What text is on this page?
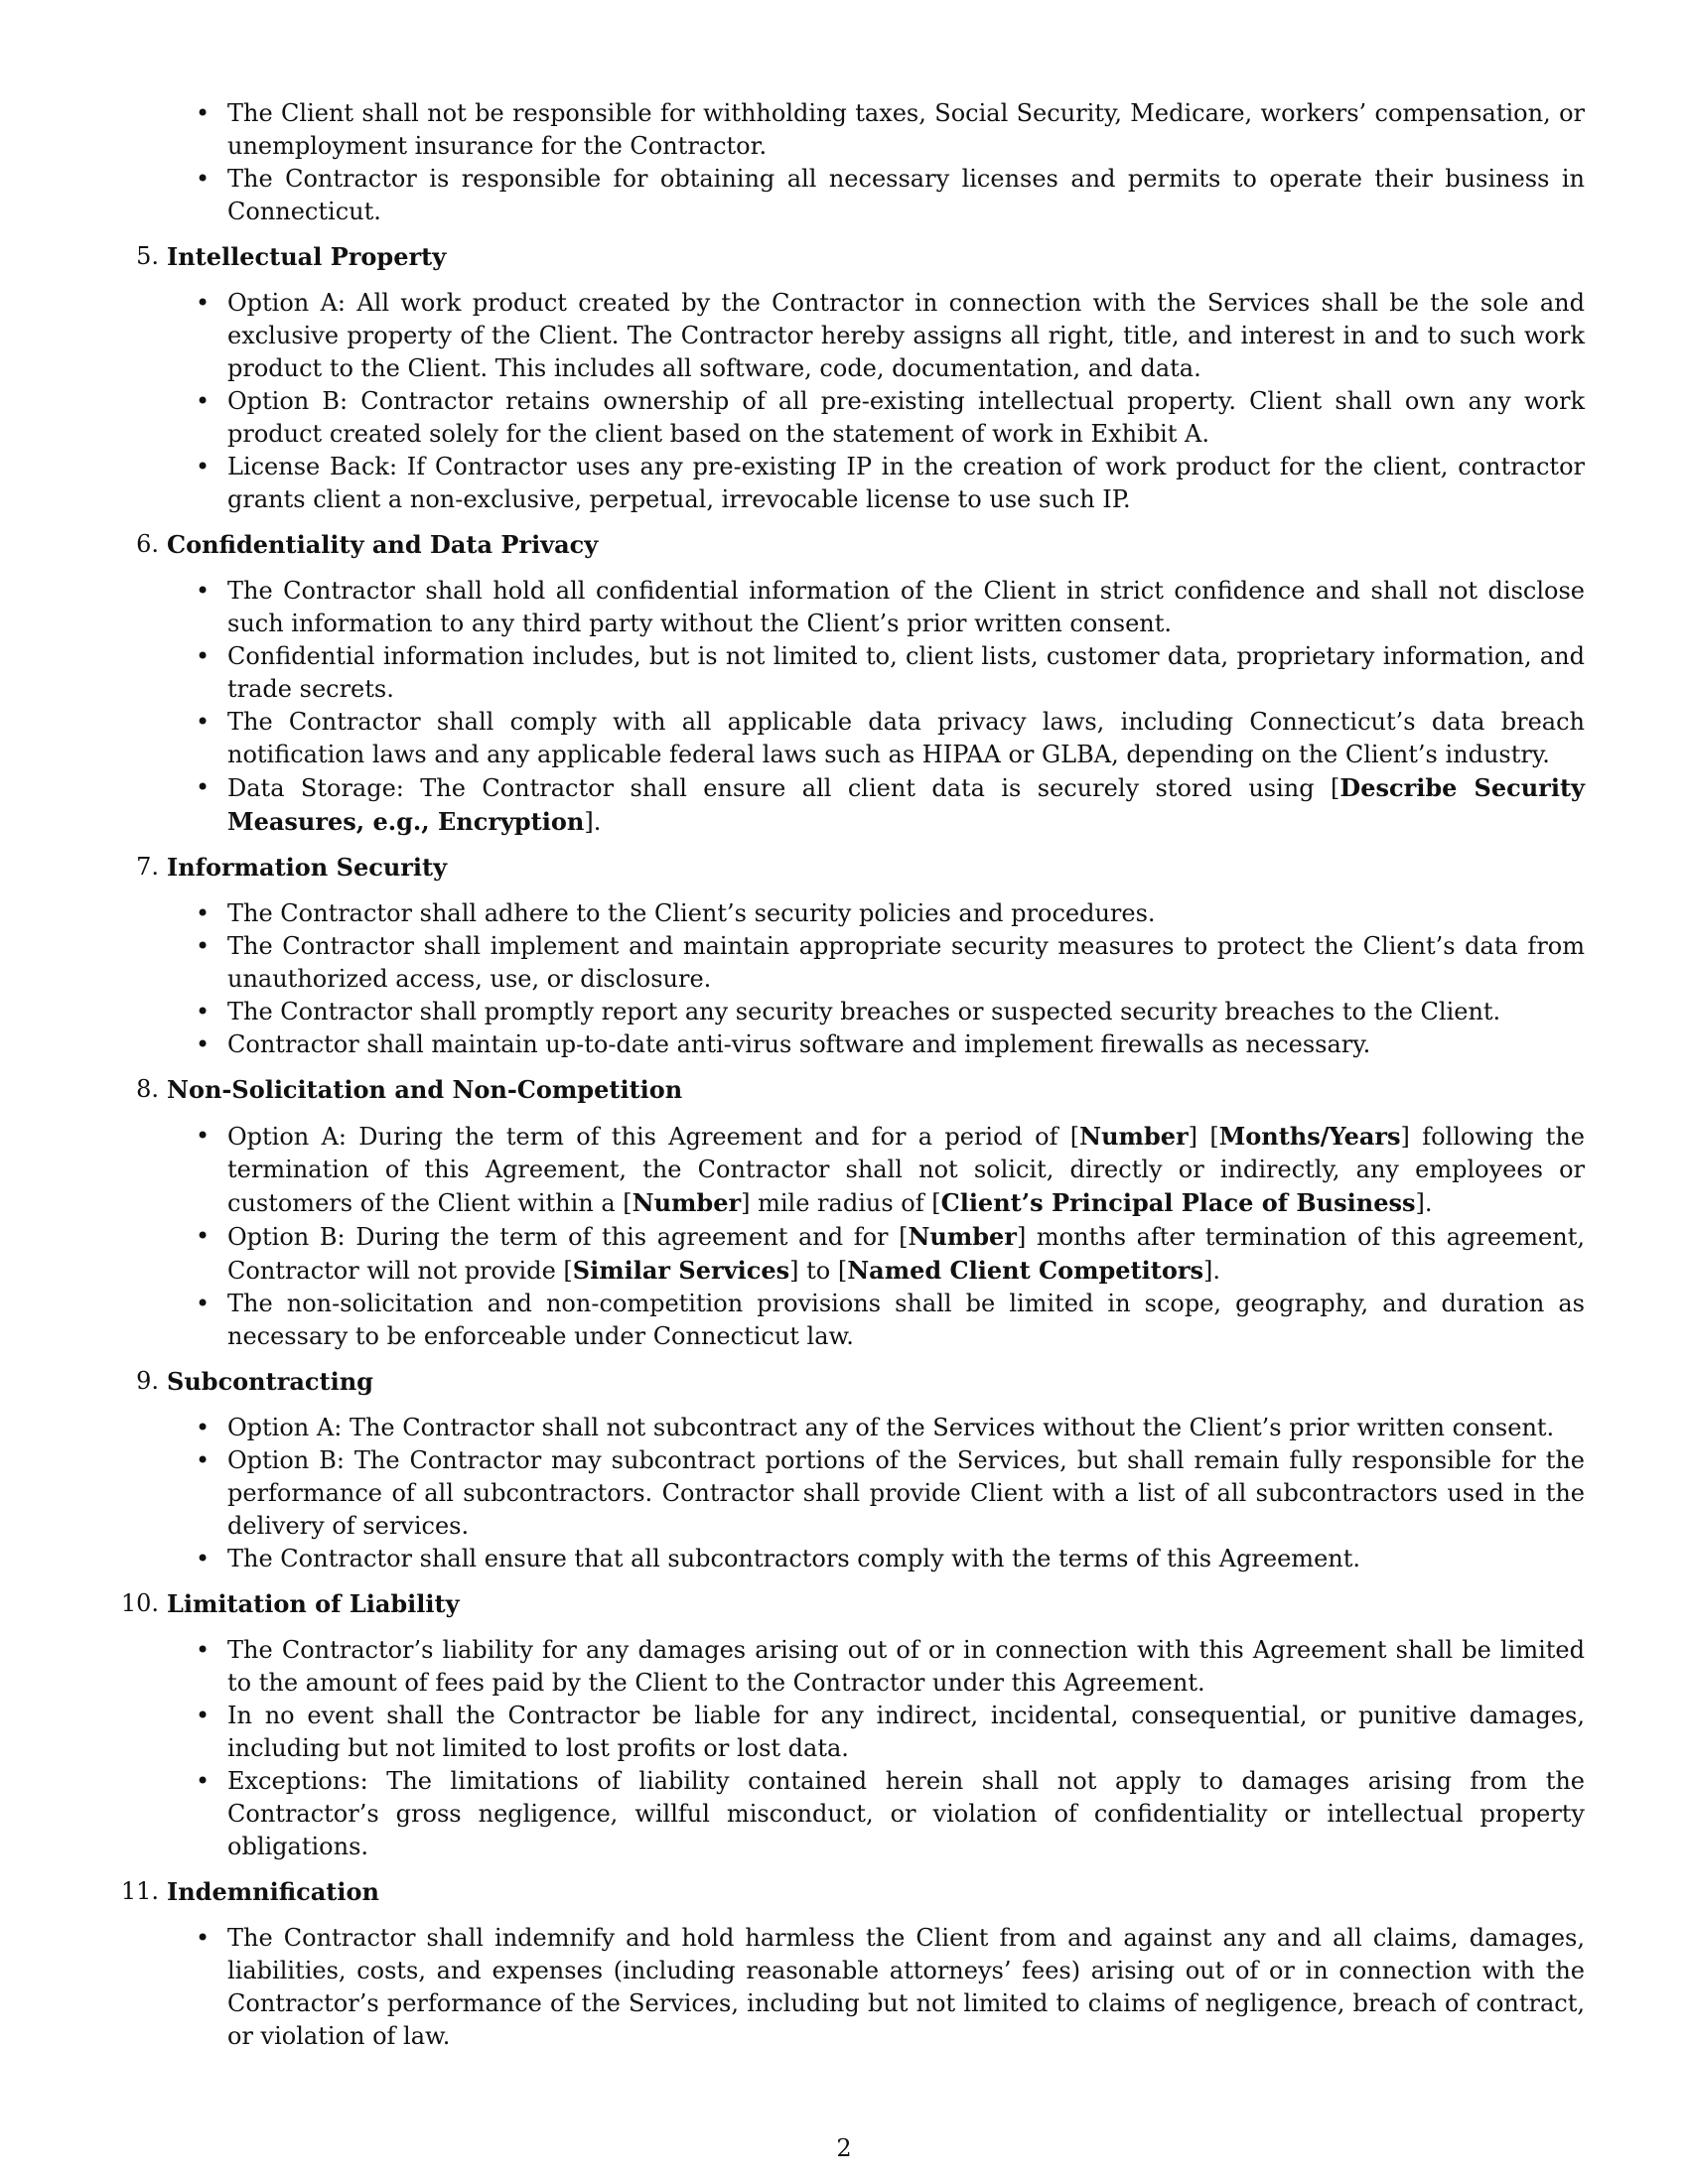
• The Client shall not be responsible for withholding taxes, Social Security, Medicare, workers’ compensation, or unemployment insurance for the Contractor.
• The Contractor is responsible for obtaining all necessary licenses and permits to operate their business in Connecticut.
5. Intellectual Property
• Option A: All work product created by the Contractor in connection with the Services shall be the sole and exclusive property of the Client. The Contractor hereby assigns all right, title, and interest in and to such work product to the Client. This includes all software, code, documentation, and data.
• Option B: Contractor retains ownership of all pre-existing intellectual property. Client shall own any work product created solely for the client based on the statement of work in Exhibit A.
• License Back: If Contractor uses any pre-existing IP in the creation of work product for the client, contractor grants client a non-exclusive, perpetual, irrevocable license to use such IP.
6. Confidentiality and Data Privacy
• The Contractor shall hold all confidential information of the Client in strict confidence and shall not disclose such information to any third party without the Client’s prior written consent.
• Confidential information includes, but is not limited to, client lists, customer data, proprietary information, and trade secrets.
• The Contractor shall comply with all applicable data privacy laws, including Connecticut’s data breach notification laws and any applicable federal laws such as HIPAA or GLBA, depending on the Client’s industry.
• Data Storage: The Contractor shall ensure all client data is securely stored using [Describe Security Measures, e.g., Encryption].
7. Information Security
• The Contractor shall adhere to the Client’s security policies and procedures.
• The Contractor shall implement and maintain appropriate security measures to protect the Client’s data from unauthorized access, use, or disclosure.
• The Contractor shall promptly report any security breaches or suspected security breaches to the Client.
• Contractor shall maintain up-to-date anti-virus software and implement firewalls as necessary.
8. Non-Solicitation and Non-Competition
• Option A: During the term of this Agreement and for a period of [Number] [Months/Years] following the termination of this Agreement, the Contractor shall not solicit, directly or indirectly, any employees or customers of the Client within a [Number] mile radius of [Client’s Principal Place of Business].
• Option B: During the term of this agreement and for [Number] months after termination of this agreement, Contractor will not provide [Similar Services] to [Named Client Competitors].
• The non-solicitation and non-competition provisions shall be limited in scope, geography, and duration as necessary to be enforceable under Connecticut law.
9. Subcontracting
• Option A: The Contractor shall not subcontract any of the Services without the Client’s prior written consent.
• Option B: The Contractor may subcontract portions of the Services, but shall remain fully responsible for the performance of all subcontractors. Contractor shall provide Client with a list of all subcontractors used in the delivery of services.
• The Contractor shall ensure that all subcontractors comply with the terms of this Agreement.
10. Limitation of Liability
• The Contractor’s liability for any damages arising out of or in connection with this Agreement shall be limited to the amount of fees paid by the Client to the Contractor under this Agreement.
• In no event shall the Contractor be liable for any indirect, incidental, consequential, or punitive damages, including but not limited to lost profits or lost data.
• Exceptions: The limitations of liability contained herein shall not apply to damages arising from the Contractor’s gross negligence, willful misconduct, or violation of confidentiality or intellectual property obligations.
11. Indemnification
• The Contractor shall indemnify and hold harmless the Client from and against any and all claims, damages, liabilities, costs, and expenses (including reasonable attorneys’ fees) arising out of or in connection with the Contractor’s performance of the Services, including but not limited to claims of negligence, breach of contract, or violation of law.
2
